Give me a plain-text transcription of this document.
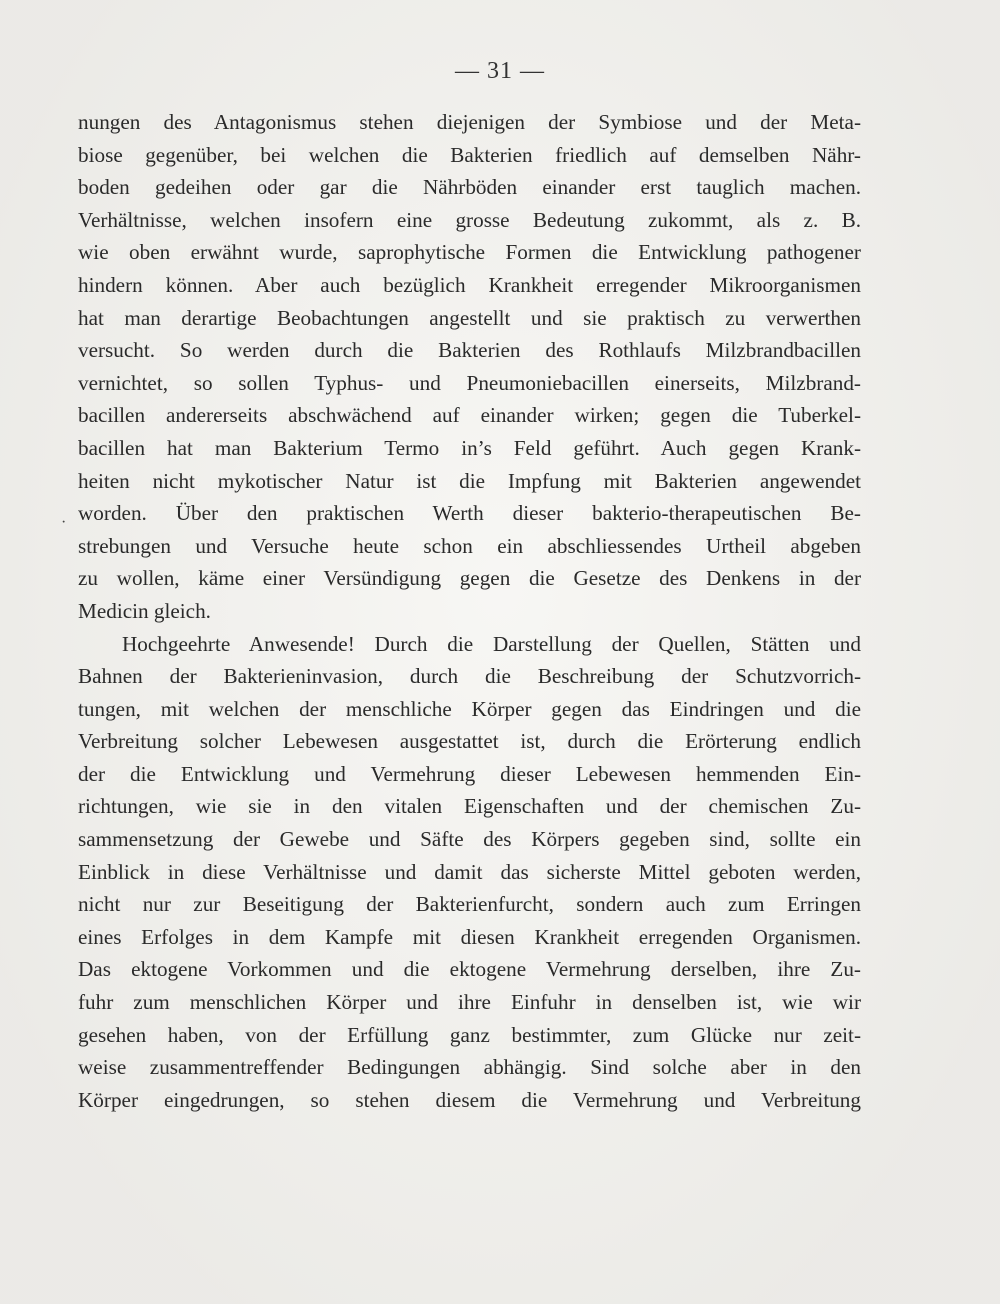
— 31 —
·
nungen des Antagonismus stehen diejenigen der Symbiose und der Meta-
biose gegenüber, bei welchen die Bakterien friedlich auf demselben Nähr-
boden gedeihen oder gar die Nährböden einander erst tauglich machen.
Verhältnisse, welchen insofern eine grosse Bedeutung zukommt, als z. B.
wie oben erwähnt wurde, saprophytische Formen die Entwicklung pathogener
hindern können. Aber auch bezüglich Krankheit erregender Mikroorganismen
hat man derartige Beobachtungen angestellt und sie praktisch zu verwerthen
versucht. So werden durch die Bakterien des Rothlaufs Milzbrandbacillen
vernichtet, so sollen Typhus- und Pneumoniebacillen einerseits, Milzbrand-
bacillen andererseits abschwächend auf einander wirken; gegen die Tuberkel-
bacillen hat man Bakterium Termo in’s Feld geführt. Auch gegen Krank-
heiten nicht mykotischer Natur ist die Impfung mit Bakterien angewendet
worden. Über den praktischen Werth dieser bakterio-therapeutischen Be-
strebungen und Versuche heute schon ein abschliessendes Urtheil abgeben
zu wollen, käme einer Versündigung gegen die Gesetze des Denkens in der
Medicin gleich.
Hochgeehrte Anwesende! Durch die Darstellung der Quellen, Stätten und
Bahnen der Bakterieninvasion, durch die Beschreibung der Schutzvorrich-
tungen, mit welchen der menschliche Körper gegen das Eindringen und die
Verbreitung solcher Lebewesen ausgestattet ist, durch die Erörterung endlich
der die Entwicklung und Vermehrung dieser Lebewesen hemmenden Ein-
richtungen, wie sie in den vitalen Eigenschaften und der chemischen Zu-
sammensetzung der Gewebe und Säfte des Körpers gegeben sind, sollte ein
Einblick in diese Verhältnisse und damit das sicherste Mittel geboten werden,
nicht nur zur Beseitigung der Bakterienfurcht, sondern auch zum Erringen
eines Erfolges in dem Kampfe mit diesen Krankheit erregenden Organismen.
Das ektogene Vorkommen und die ektogene Vermehrung derselben, ihre Zu-
fuhr zum menschlichen Körper und ihre Einfuhr in denselben ist, wie wir
gesehen haben, von der Erfüllung ganz bestimmter, zum Glücke nur zeit-
weise zusammentreffender Bedingungen abhängig. Sind solche aber in den
Körper eingedrungen, so stehen diesem die Vermehrung und Verbreitung
